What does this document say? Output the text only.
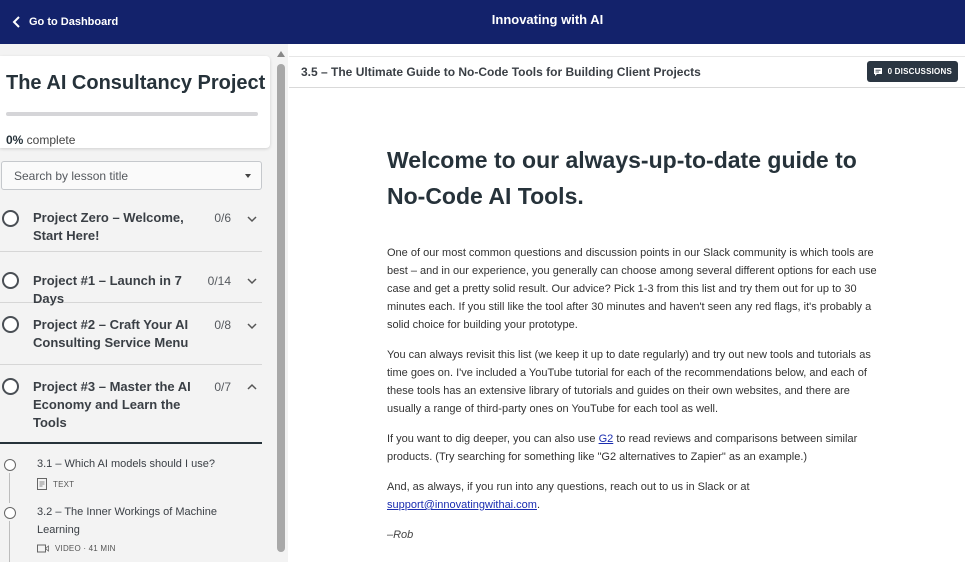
Go to Dashboard	Innovating with AI
The AI Consultancy Project
0% complete
Search by lesson title
Project Zero – Welcome, Start Here!
0/6
Project #1 – Launch in 7 Days
0/14
Project #2 – Craft Your AI Consulting Service Menu
0/8
Project #3 – Master the AI Economy and Learn the Tools
0/7
3.1 – Which AI models should I use?
TEXT
3.2 – The Inner Workings of Machine Learning
VIDEO · 41 MIN
3.5 – The Ultimate Guide to No-Code Tools for Building Client Projects	0 DISCUSSIONS
Welcome to our always-up-to-date guide to No-Code AI Tools.

One of our most common questions and discussion points in our Slack community is which tools are best – and in our experience, you generally can choose among several different options for each use case and get a pretty solid result. Our advice? Pick 1-3 from this list and try them out for up to 30 minutes each. If you still like the tool after 30 minutes and haven't seen any red flags, it's probably a solid choice for building your prototype.

You can always revisit this list (we keep it up to date regularly) and try out new tools and tutorials as time goes on. I've included a YouTube tutorial for each of the recommendations below, and each of these tools has an extensive library of tutorials and guides on their own websites, and there are usually a range of third-party ones on YouTube for each tool as well.

If you want to dig deeper, you can also use G2 to read reviews and comparisons between similar products. (Try searching for something like "G2 alternatives to Zapier" as an example.)

And, as always, if you run into any questions, reach out to us in Slack or at support@innovatingwithai.com.

–Rob
